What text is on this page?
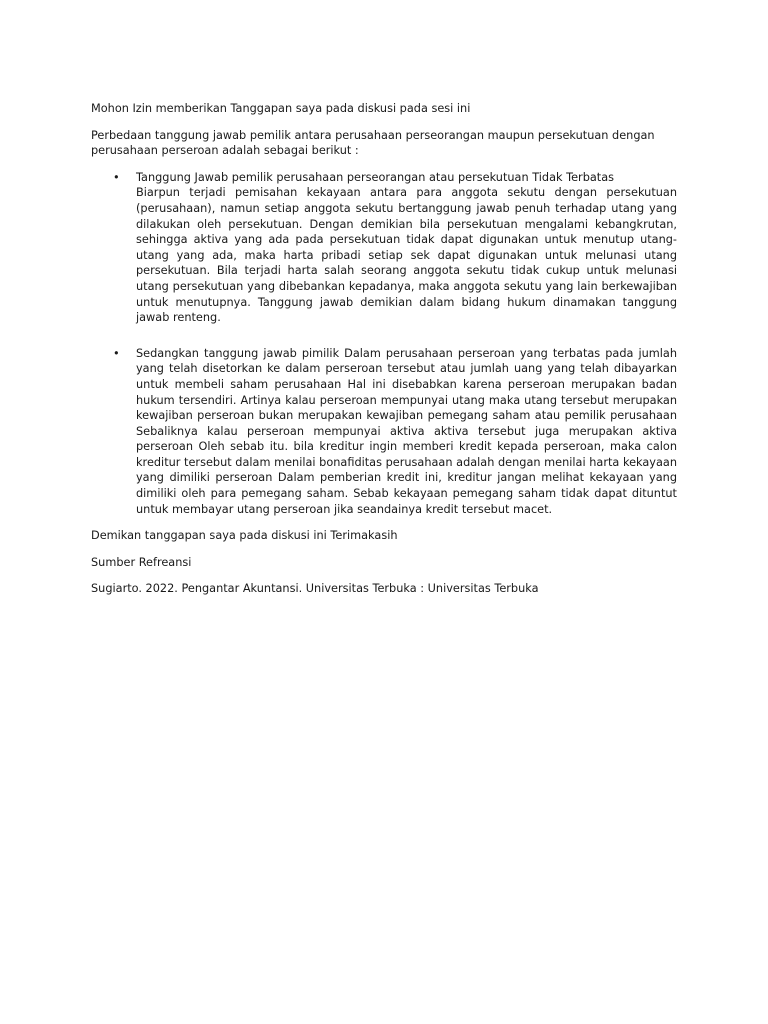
Mohon Izin memberikan Tanggapan saya pada diskusi pada sesi ini

Perbedaan tanggung jawab pemilik antara perusahaan perseorangan maupun persekutuan dengan perusahaan perseroan adalah sebagai berikut :

• Tanggung Jawab pemilik perusahaan perseorangan atau persekutuan Tidak Terbatas
Biarpun terjadi pemisahan kekayaan antara para anggota sekutu dengan persekutuan (perusahaan), namun setiap anggota sekutu bertanggung jawab penuh terhadap utang yang dilakukan oleh persekutuan. Dengan demikian bila persekutuan mengalami kebangkrutan, sehingga aktiva yang ada pada persekutuan tidak dapat digunakan untuk menutup utang-utang yang ada, maka harta pribadi setiap sek dapat digunakan untuk melunasi utang persekutuan. Bila terjadi harta salah seorang anggota sekutu tidak cukup untuk melunasi utang persekutuan yang dibebankan kepadanya, maka anggota sekutu yang lain berkewajiban untuk menutupnya. Tanggung jawab demikian dalam bidang hukum dinamakan tanggung jawab renteng.
• Sedangkan tanggung jawab pimilik Dalam perusahaan perseroan yang terbatas pada jumlah yang telah disetorkan ke dalam perseroan tersebut atau jumlah uang yang telah dibayarkan untuk membeli saham perusahaan Hal ini disebabkan karena perseroan merupakan badan hukum tersendiri. Artinya kalau perseroan mempunyai utang maka utang tersebut merupakan kewajiban perseroan bukan merupakan kewajiban pemegang saham atau pemilik perusahaan Sebaliknya kalau perseroan mempunyai aktiva aktiva tersebut juga merupakan aktiva perseroan Oleh sebab itu. bila kreditur ingin memberi kredit kepada perseroan, maka calon kreditur tersebut dalam menilai bonafiditas perusahaan adalah dengan menilai harta kekayaan yang dimiliki perseroan Dalam pemberian kredit ini, kreditur jangan melihat kekayaan yang dimiliki oleh para pemegang saham. Sebab kekayaan pemegang saham tidak dapat dituntut untuk membayar utang perseroan jika seandainya kredit tersebut macet.

Demikan tanggapan saya pada diskusi ini Terimakasih

Sumber Refreansi

Sugiarto. 2022. Pengantar Akuntansi. Universitas Terbuka : Universitas Terbuka
